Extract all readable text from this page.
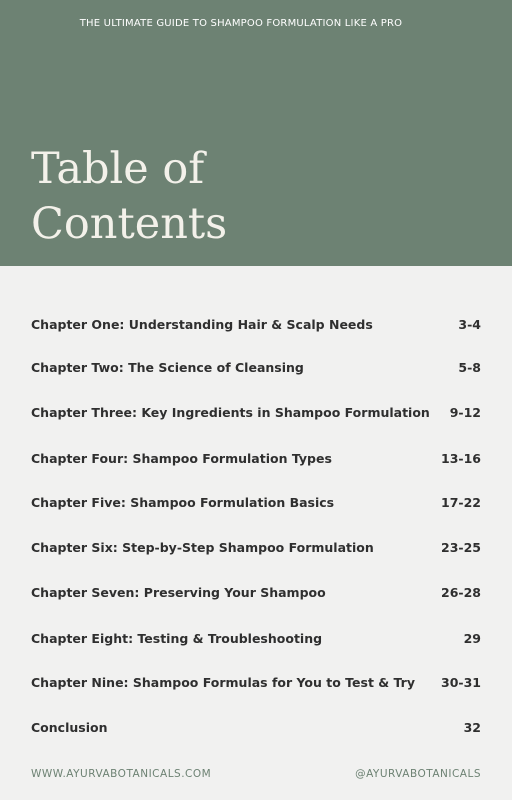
THE ULTIMATE GUIDE TO SHAMPOO FORMULATION LIKE A PRO
Table of
Contents
Chapter One: Understanding Hair & Scalp Needs	3-4
Chapter Two: The Science of Cleansing	5-8
Chapter Three: Key Ingredients in Shampoo Formulation 9-12
Chapter Four: Shampoo Formulation Types	13-16
Chapter Five: Shampoo Formulation Basics	17-22
Chapter Six: Step-by-Step Shampoo Formulation	23-25
Chapter Seven: Preserving Your Shampoo	26-28
Chapter Eight: Testing & Troubleshooting	29
Chapter Nine: Shampoo Formulas for You to Test & Try 30-31
Conclusion	32
WWW.AYURVABOTANICALS.COM	@AYURVABOTANICALS
